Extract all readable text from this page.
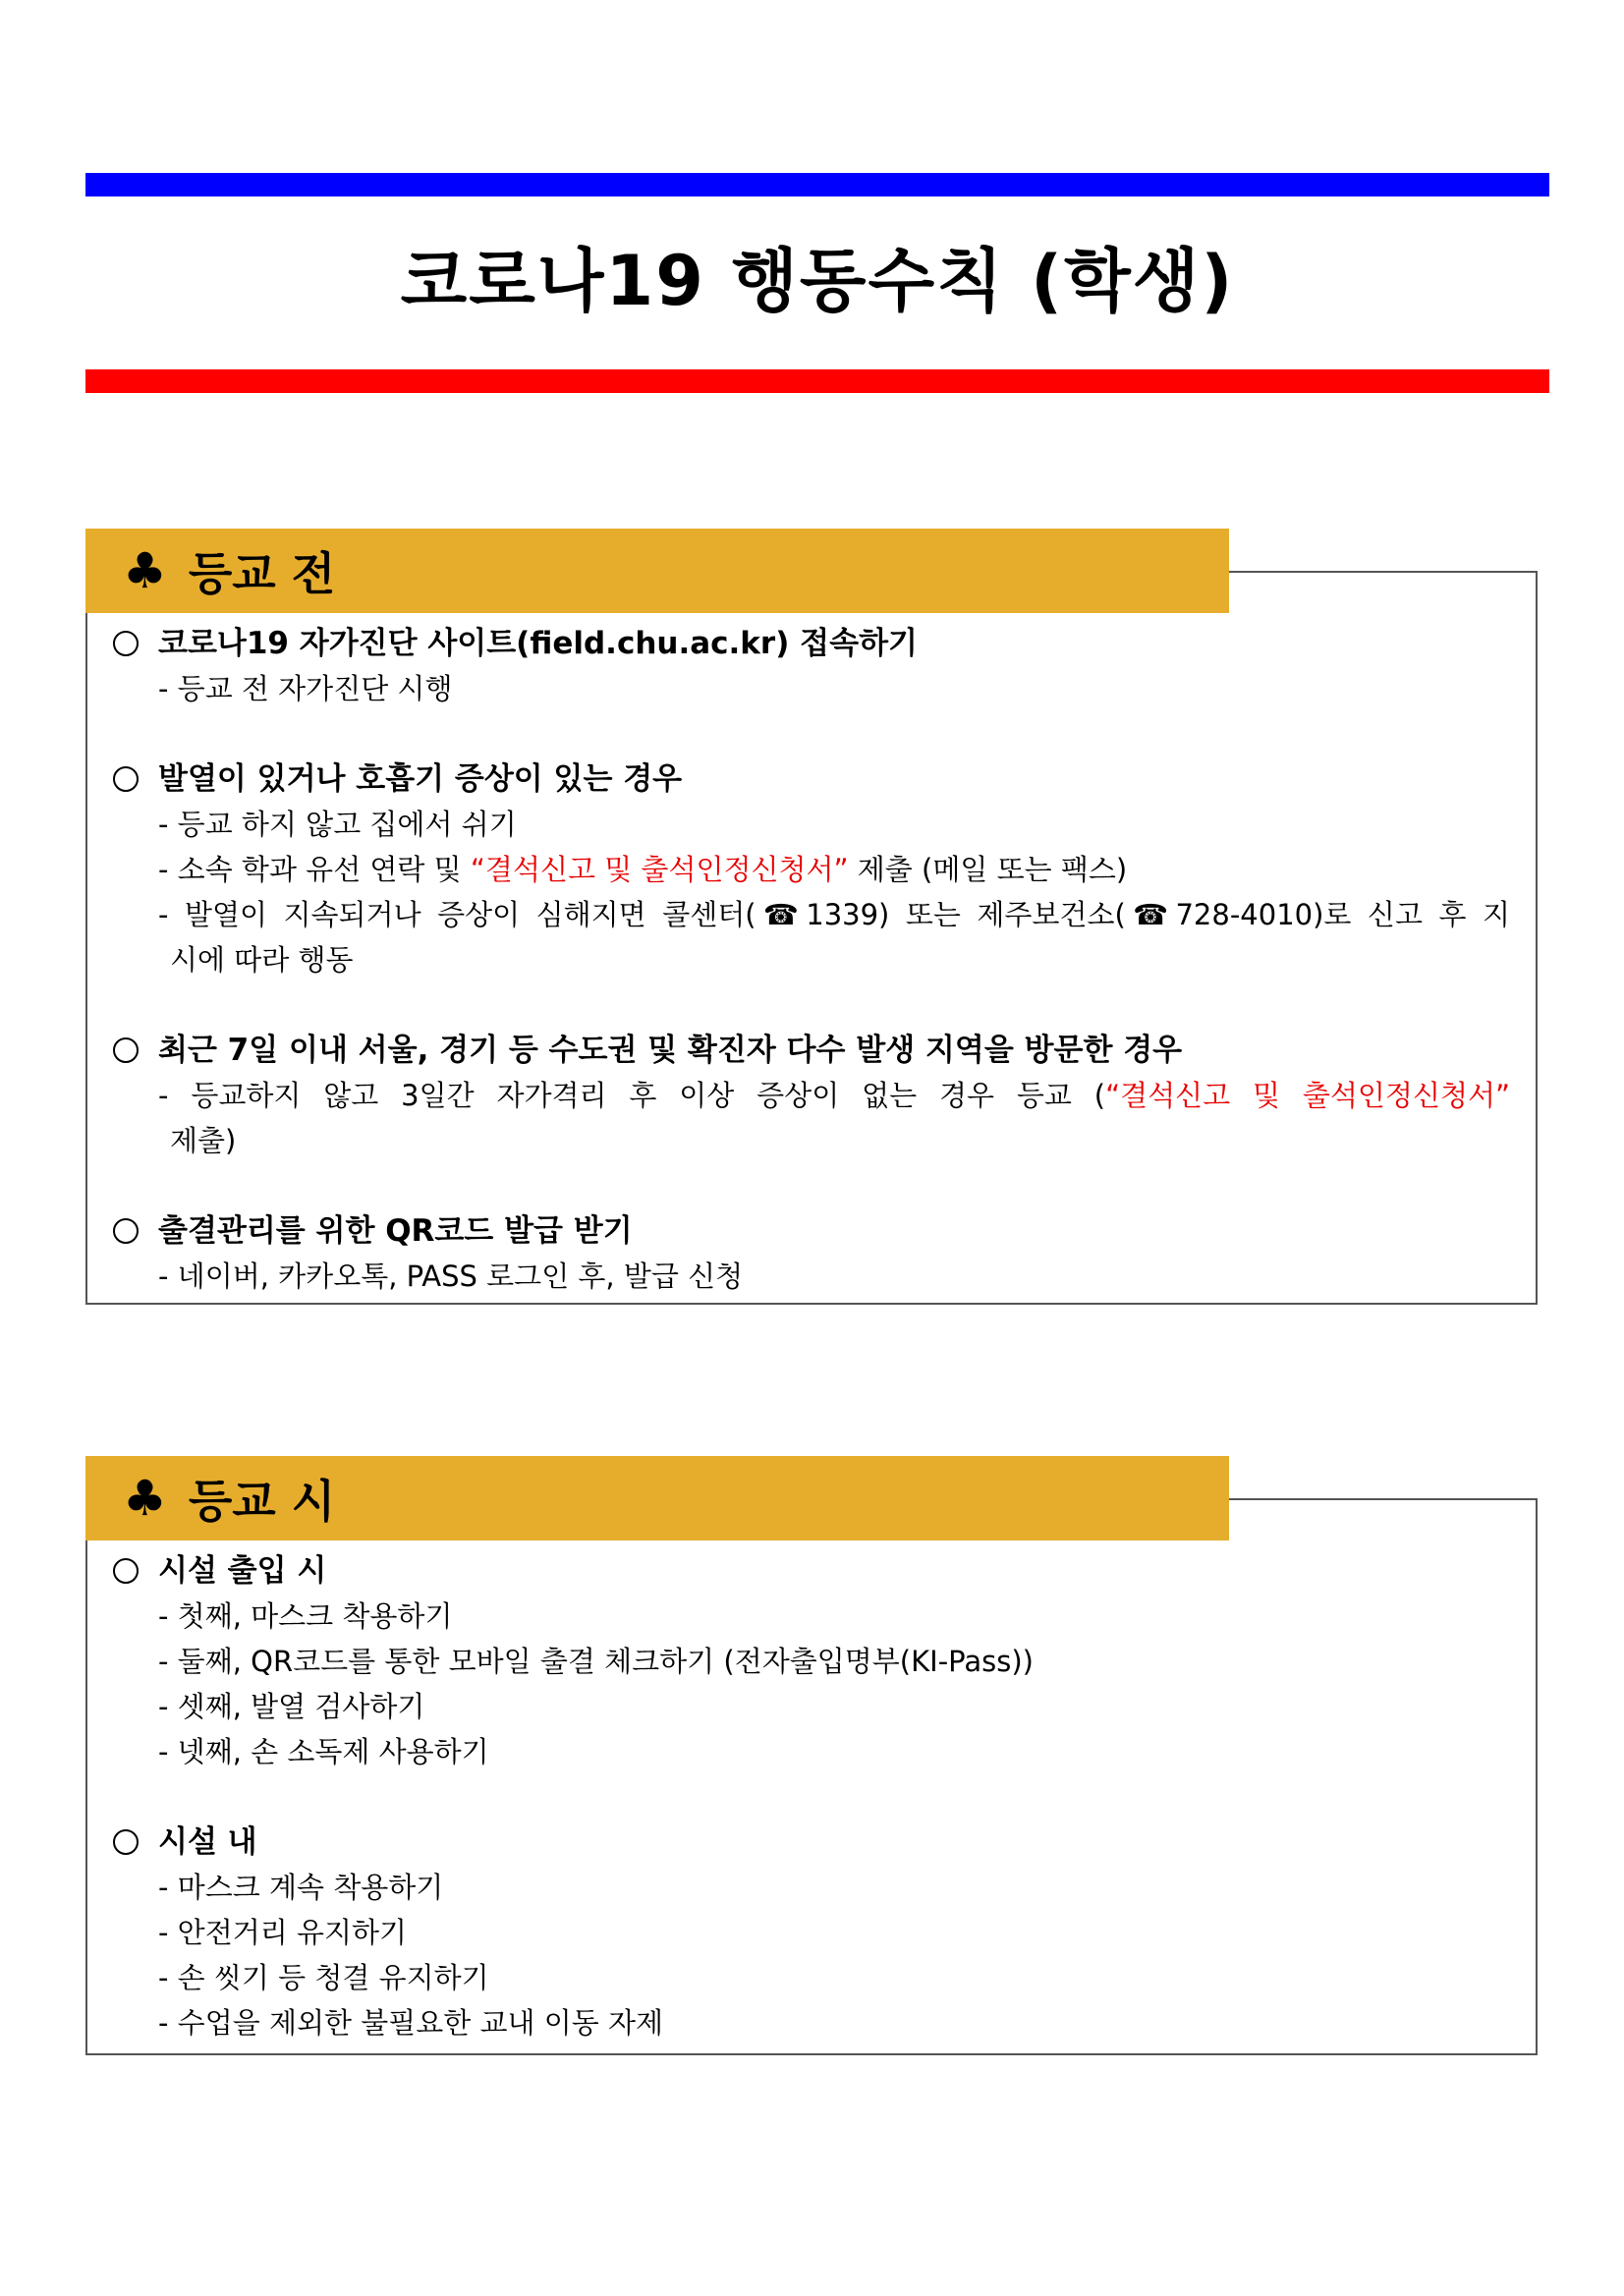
코로나19 행동수칙 (학생)
♣ 등교 전
코로나19 자가진단 사이트(field.chu.ac.kr) 접속하기
- 등교 전 자가진단 시행
발열이 있거나 호흡기 증상이 있는 경우
- 등교 하지 않고 집에서 쉬기
- 소속 학과 유선 연락 및 “결석신고 및 출석인정신청서” 제출 (메일 또는 팩스)
- 발열이 지속되거나 증상이 심해지면 콜센터(☎1339) 또는 제주보건소(☎728-4010)로 신고 후 지
시에 따라 행동
최근 7일 이내 서울, 경기 등 수도권 및 확진자 다수 발생 지역을 방문한 경우
- 등교하지 않고 3일간 자가격리 후 이상 증상이 없는 경우 등교 (“결석신고 및 출석인정신청서”
제출)
출결관리를 위한 QR코드 발급 받기
- 네이버, 카카오톡, PASS 로그인 후, 발급 신청
♣ 등교 시
시설 출입 시
- 첫째, 마스크 착용하기
- 둘째, QR코드를 통한 모바일 출결 체크하기 (전자출입명부(KI-Pass))
- 셋째, 발열 검사하기
- 넷째, 손 소독제 사용하기
시설 내
- 마스크 계속 착용하기
- 안전거리 유지하기
- 손 씻기 등 청결 유지하기
- 수업을 제외한 불필요한 교내 이동 자제
